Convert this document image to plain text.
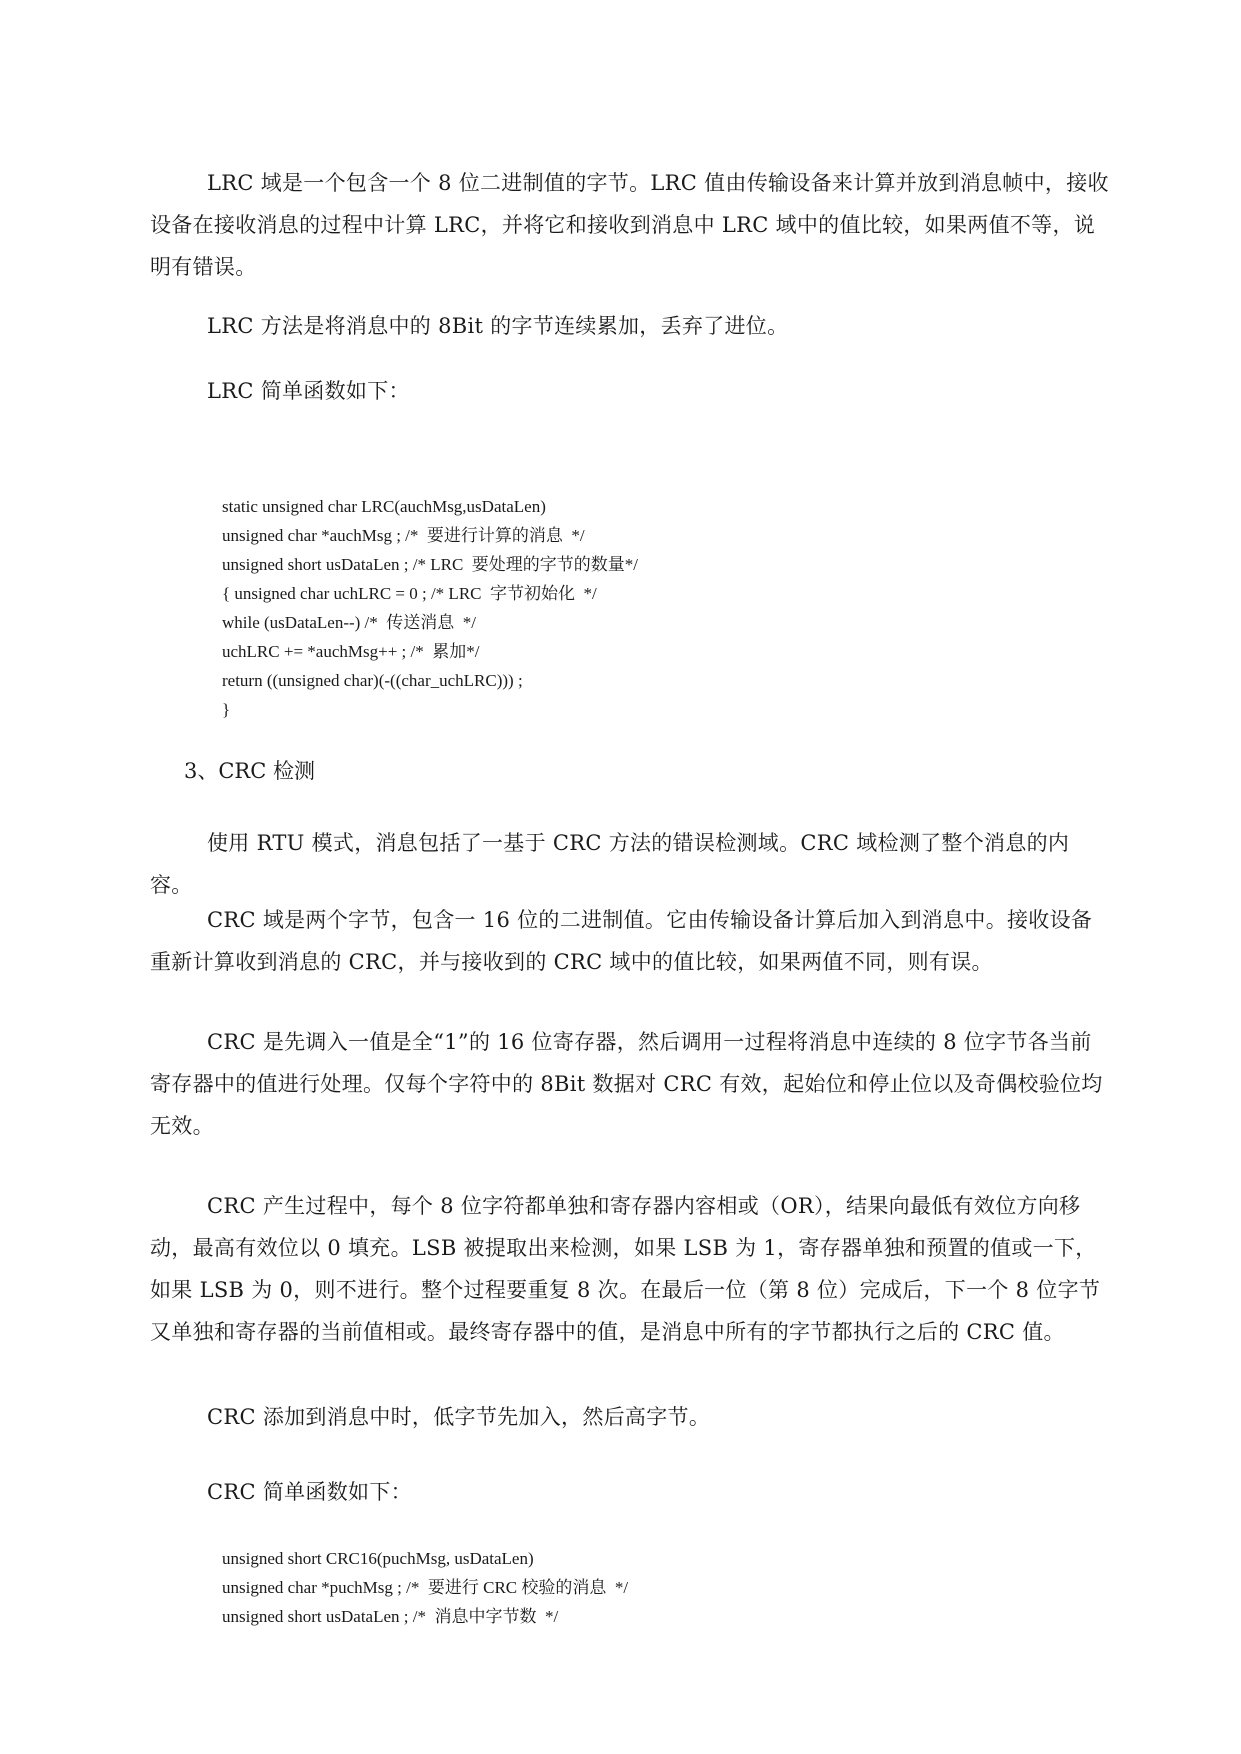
LRC 域是一个包含一个 8 位二进制值的字节。LRC 值由传输设备来计算并放到消息帧中，接收设备在接收消息的过程中计算 LRC，并将它和接收到消息中 LRC 域中的值比较，如果两值不等，说明有错误。

LRC 方法是将消息中的 8Bit 的字节连续累加，丢弃了进位。

LRC 简单函数如下：

static unsigned char LRC(auchMsg,usDataLen)
unsigned char *auchMsg ; /*  要进行计算的消息  */
unsigned short usDataLen ; /* LRC  要处理的字节的数量*/
{ unsigned char uchLRC = 0 ; /* LRC  字节初始化  */
while (usDataLen--) /*  传送消息  */
uchLRC += *auchMsg++ ; /*  累加*/
return ((unsigned char)(-((char_uchLRC))) ;
}

3、CRC 检测

使用 RTU 模式，消息包括了一基于 CRC 方法的错误检测域。CRC 域检测了整个消息的内容。

CRC 域是两个字节，包含一 16 位的二进制值。它由传输设备计算后加入到消息中。接收设备重新计算收到消息的 CRC，并与接收到的 CRC 域中的值比较，如果两值不同，则有误。

CRC 是先调入一值是全“1”的 16 位寄存器，然后调用一过程将消息中连续的 8 位字节各当前寄存器中的值进行处理。仅每个字符中的 8Bit 数据对 CRC 有效，起始位和停止位以及奇偶校验位均无效。

CRC 产生过程中，每个 8 位字符都单独和寄存器内容相或（OR），结果向最低有效位方向移动，最高有效位以 0 填充。LSB 被提取出来检测，如果 LSB 为 1，寄存器单独和预置的值或一下，如果 LSB 为 0，则不进行。整个过程要重复 8 次。在最后一位（第 8 位）完成后，下一个 8 位字节又单独和寄存器的当前值相或。最终寄存器中的值，是消息中所有的字节都执行之后的 CRC 值。

CRC 添加到消息中时，低字节先加入，然后高字节。

CRC 简单函数如下：

unsigned short CRC16(puchMsg, usDataLen)
unsigned char *puchMsg ; /*  要进行 CRC 校验的消息  */
unsigned short usDataLen ; /*  消息中字节数  */
